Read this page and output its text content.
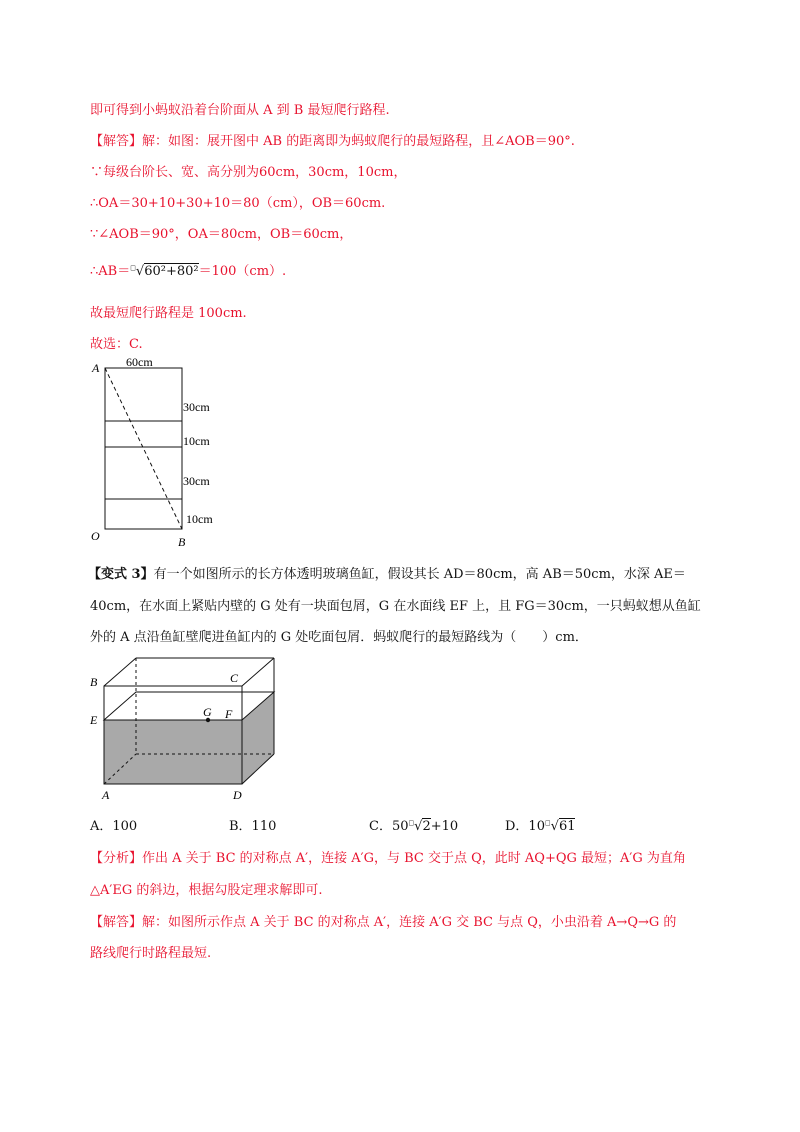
即可得到小蚂蚁沿着台阶面从 A 到 B 最短爬行路程.
【解答】解：如图：展开图中 AB 的距离即为蚂蚁爬行的最短路程，且∠AOB＝90°.
∵每级台阶长、宽、高分别为60cm，30cm，10cm，
∴OA＝30+10+30+10＝80（cm），OB＝60cm.
∵∠AOB＝90°，OA＝80cm，OB＝60cm，
∴AB＝□√60²+80²＝100（cm）.
故最短爬行路程是 100cm.
故选：C.
A
O	B
60cm
30cm
10cm
30cm
10cm
【变式 3】有一个如图所示的长方体透明玻璃鱼缸，假设其长 AD＝80cm，高 AB＝50cm，水深 AE＝
40cm，在水面上紧贴内壁的 G 处有一块面包屑，G 在水面线 EF 上，且 FG＝30cm，一只蚂蚁想从鱼缸
外的 A 点沿鱼缸壁爬进鱼缸内的 G 处吃面包屑．蚂蚁爬行的最短路线为（　　）cm．
B	C
E
G F
A	D
A．100	B．110	C．50□√2+10	D．10□√61
【分析】作出 A 关于 BC 的对称点 A′，连接 A′G，与 BC 交于点 Q，此时 AQ+QG 最短；A′G 为直角
△A′EG 的斜边，根据勾股定理求解即可.
【解答】解：如图所示作点 A 关于 BC 的对称点 A′，连接 A′G 交 BC 与点 Q，小虫沿着 A→Q→G 的
路线爬行时路程最短.
